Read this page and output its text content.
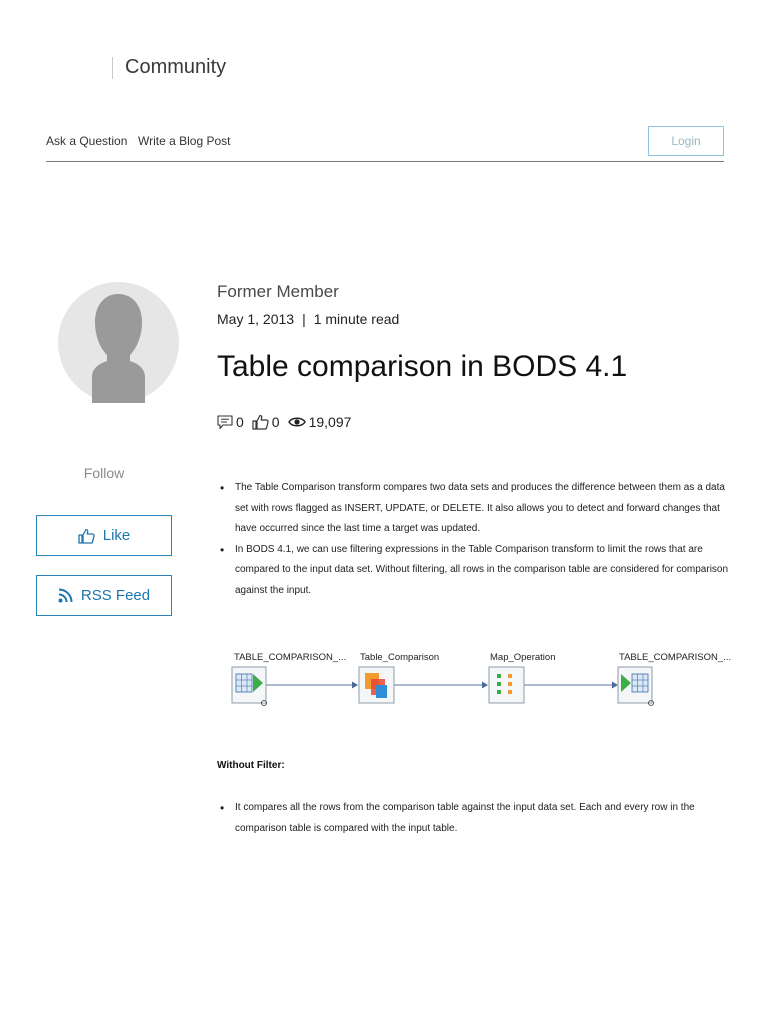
Community
Ask a Question Write a Blog Post	Login
Follow
Like
RSS Feed
Former Member
May 1, 2013 | 1 minute read
Table comparison in BODS 4.1
0 0 19,097
• The Table Comparison transform compares two data sets and produces the difference between them as a data set with rows flagged as INSERT, UPDATE, or DELETE. It also allows you to detect and forward changes that have occurred since the last time a target was updated.
• In BODS 4.1, we can use filtering expressions in the Table Comparison transform to limit the rows that are compared to the input data set. Without filtering, all rows in the comparison table are considered for comparison against the input.
TABLE_COMPARISON_... Table_Comparison	Map_Operation	TABLE_COMPARISON_...
Without Filter:
• It compares all the rows from the comparison table against the input data set. Each and every row in the comparison table is compared with the input table.
